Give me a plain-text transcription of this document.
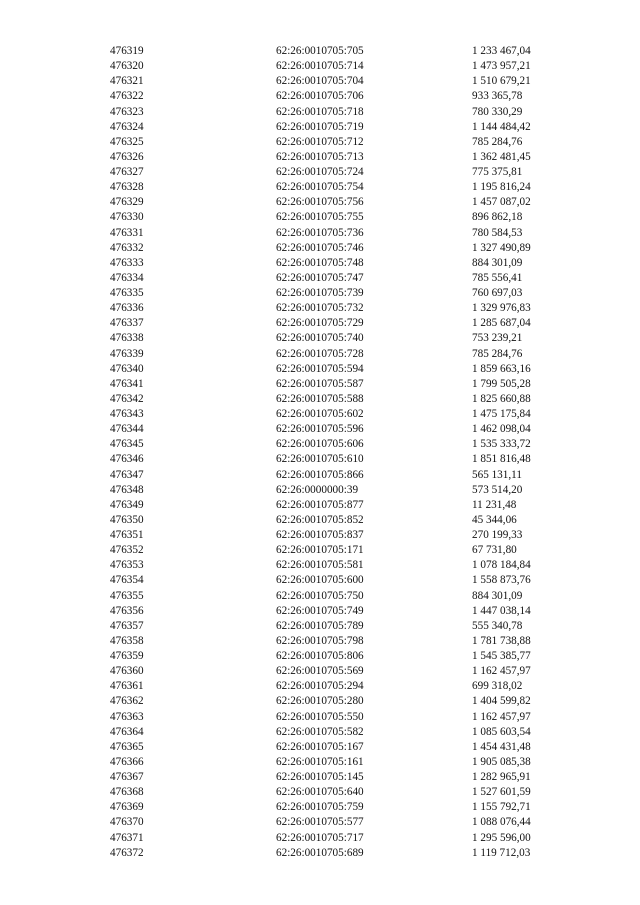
476319	62:26:0010705:705	1 233 467,04
476320	62:26:0010705:714	1 473 957,21
476321	62:26:0010705:704	1 510 679,21
476322	62:26:0010705:706	933 365,78
476323	62:26:0010705:718	780 330,29
476324	62:26:0010705:719	1 144 484,42
476325	62:26:0010705:712	785 284,76
476326	62:26:0010705:713	1 362 481,45
476327	62:26:0010705:724	775 375,81
476328	62:26:0010705:754	1 195 816,24
476329	62:26:0010705:756	1 457 087,02
476330	62:26:0010705:755	896 862,18
476331	62:26:0010705:736	780 584,53
476332	62:26:0010705:746	1 327 490,89
476333	62:26:0010705:748	884 301,09
476334	62:26:0010705:747	785 556,41
476335	62:26:0010705:739	760 697,03
476336	62:26:0010705:732	1 329 976,83
476337	62:26:0010705:729	1 285 687,04
476338	62:26:0010705:740	753 239,21
476339	62:26:0010705:728	785 284,76
476340	62:26:0010705:594	1 859 663,16
476341	62:26:0010705:587	1 799 505,28
476342	62:26:0010705:588	1 825 660,88
476343	62:26:0010705:602	1 475 175,84
476344	62:26:0010705:596	1 462 098,04
476345	62:26:0010705:606	1 535 333,72
476346	62:26:0010705:610	1 851 816,48
476347	62:26:0010705:866	565 131,11
476348	62:26:0000000:39	573 514,20
476349	62:26:0010705:877	11 231,48
476350	62:26:0010705:852	45 344,06
476351	62:26:0010705:837	270 199,33
476352	62:26:0010705:171	67 731,80
476353	62:26:0010705:581	1 078 184,84
476354	62:26:0010705:600	1 558 873,76
476355	62:26:0010705:750	884 301,09
476356	62:26:0010705:749	1 447 038,14
476357	62:26:0010705:789	555 340,78
476358	62:26:0010705:798	1 781 738,88
476359	62:26:0010705:806	1 545 385,77
476360	62:26:0010705:569	1 162 457,97
476361	62:26:0010705:294	699 318,02
476362	62:26:0010705:280	1 404 599,82
476363	62:26:0010705:550	1 162 457,97
476364	62:26:0010705:582	1 085 603,54
476365	62:26:0010705:167	1 454 431,48
476366	62:26:0010705:161	1 905 085,38
476367	62:26:0010705:145	1 282 965,91
476368	62:26:0010705:640	1 527 601,59
476369	62:26:0010705:759	1 155 792,71
476370	62:26:0010705:577	1 088 076,44
476371	62:26:0010705:717	1 295 596,00
476372	62:26:0010705:689	1 119 712,03
